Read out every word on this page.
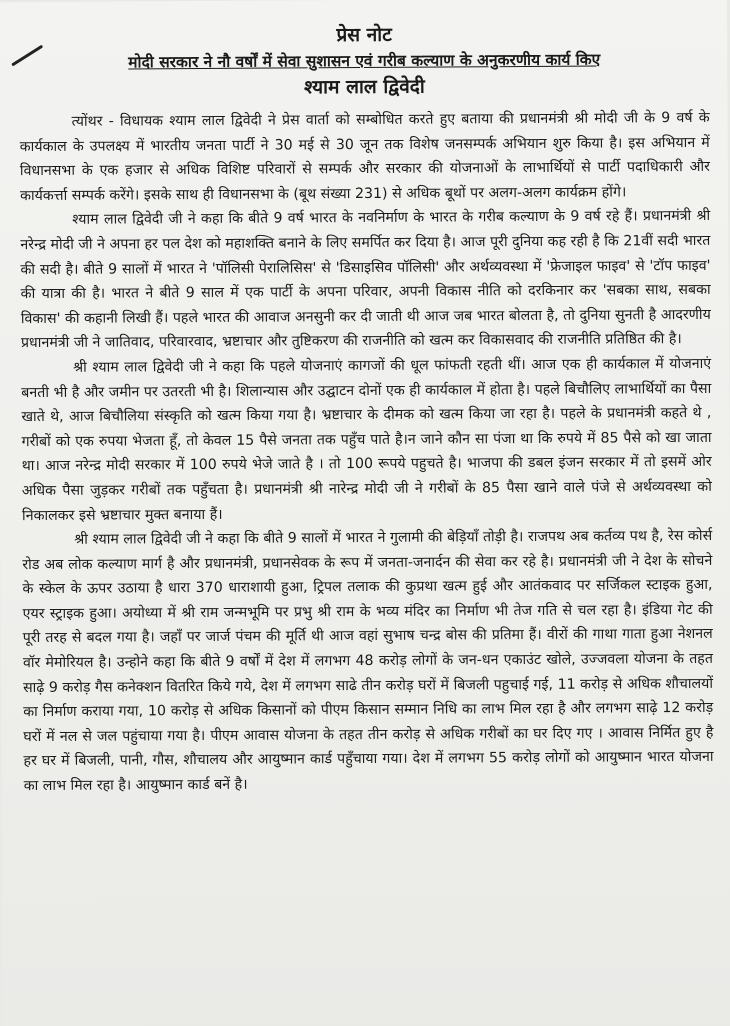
प्रेस नोट
मोदी सरकार ने नौ वर्षों में सेवा सुशासन एवं गरीब कल्याण के अनुकरणीय कार्य किए
श्याम लाल द्विवेदी

त्योंथर - विधायक श्याम लाल द्विवेदी ने प्रेस वार्ता को सम्बोधित करते हुए बताया की प्रधानमंत्री श्री मोदी जी के 9 वर्ष के कार्यकाल के उपलक्ष्य में भारतीय जनता पार्टी ने 30 मई से 30 जून तक विशेष जनसम्पर्क अभियान शुरु किया है। इस अभियान में विधानसभा के एक हजार से अधिक विशिष्ट परिवारों से सम्पर्क और सरकार की योजनाओं के लाभार्थियों से पार्टी पदाधिकारी और कार्यकर्त्ता सम्पर्क करेंगे। इसके साथ ही विधानसभा के (बूथ संख्या 231) से अधिक बूथों पर अलग-अलग कार्यक्रम होंगे।

श्याम लाल द्विवेदी जी ने कहा कि बीते 9 वर्ष भारत के नवनिर्माण के भारत के गरीब कल्याण के 9 वर्ष रहे हैं। प्रधानमंत्री श्री नरेन्द्र मोदी जी ने अपना हर पल देश को महाशक्ति बनाने के लिए समर्पित कर दिया है। आज पूरी दुनिया कह रही है कि 21वीं सदी भारत की सदी है। बीते 9 सालों में भारत ने 'पॉलिसी पेरालिसिस' से 'डिसाइसिव पॉलिसी' और अर्थव्यवस्था में 'फ्रेजाइल फाइव' से 'टॉप फाइव' की यात्रा की है। भारत ने बीते 9 साल में एक पार्टी के अपना परिवार, अपनी विकास नीति को दरकिनार कर 'सबका साथ, सबका विकास' की कहानी लिखी हैं। पहले भारत की आवाज अनसुनी कर दी जाती थी आज जब भारत बोलता है, तो दुनिया सुनती है आदरणीय प्रधानमंत्री जी ने जातिवाद, परिवारवाद, भ्रष्टाचार और तुष्टिकरण की राजनीति को खत्म कर विकासवाद की राजनीति प्रतिष्ठित की है।

श्री श्याम लाल द्विवेदी जी ने कहा कि पहले योजनाएं कागजों की धूल फांफती रहती थीं। आज एक ही कार्यकाल में योजनाएं बनती भी है और जमीन पर उतरती भी है। शिलान्यास और उद्घाटन दोनों एक ही कार्यकाल में होता है। पहले बिचौलिए लाभार्थियों का पैसा खाते थे, आज बिचौलिया संस्कृति को खत्म किया गया है। भ्रष्टाचार के दीमक को खत्म किया जा रहा है। पहले के प्रधानमंत्री कहते थे , गरीबों को एक रुपया भेजता हूँ, तो केवल 15 पैसे जनता तक पहुँच पाते है।न जाने कौन सा पंजा था कि रुपये में 85 पैसे को खा जाता था। आज नरेन्द्र मोदी सरकार में 100 रुपये भेजे जाते है । तो 100 रूपये पहुचते है। भाजपा की डबल इंजन सरकार में तो इसमें ओर अधिक पैसा जुड़कर गरीबों तक पहुँचता है। प्रधानमंत्री श्री नारेन्द्र मोदी जी ने गरीबों के 85 पैसा खाने वाले पंजे से अर्थव्यवस्था को निकालकर इसे भ्रष्टाचार मुक्त बनाया हैं।

श्री श्याम लाल द्विवेदी जी ने कहा कि बीते 9 सालों में भारत ने गुलामी की बेड़ियाँ तोड़ी है। राजपथ अब कर्तव्य पथ है, रेस कोर्स रोड अब लोक कल्याण मार्ग है और प्रधानमंत्री, प्रधानसेवक के रूप में जनता-जनार्दन की सेवा कर रहे है। प्रधानमंत्री जी ने देश के सोचने के स्केल के ऊपर उठाया है धारा 370 धाराशायी हुआ, ट्रिपल तलाक की कुप्रथा खत्म हुई और आतंकवाद पर सर्जिकल स्टाइक हुआ, एयर स्ट्राइक हुआ। अयोध्या में श्री राम जन्मभूमि पर प्रभु श्री राम के भव्य मंदिर का निर्माण भी तेज गति से चल रहा है। इंडिया गेट की पूरी तरह से बदल गया है। जहाँ पर जार्ज पंचम की मूर्ति थी आज वहां सुभाष चन्द्र बोस की प्रतिमा हैं। वीरों की गाथा गाता हुआ नेशनल वॉर मेमोरियल है। उन्होने कहा कि बीते 9 वर्षों में देश में लगभग 48 करोड़ लोगों के जन-धन एकाउंट खोले, उज्जवला योजना के तहत साढ़े 9 करोड़ गैस कनेक्शन वितरित किये गये, देश में लगभग साढे तीन करोड़ घरों में बिजली पहुचाई गई, 11 करोड़ से अधिक शौचालयों का निर्माण कराया गया, 10 करोड़ से अधिक किसानों को पीएम किसान सम्मान निधि का लाभ मिल रहा है और लगभग साढ़े 12 करोड़ घरों में नल से जल पहुंचाया गया है। पीएम आवास योजना के तहत तीन करोड़ से अधिक गरीबों का घर दिए गए । आवास निर्मित हुए है हर घर में बिजली, पानी, गौस, शौचालय और आयुष्मान कार्ड पहुँचाया गया। देश में लगभग 55 करोड़ लोगों को आयुष्मान भारत योजना का लाभ मिल रहा है। आयुष्मान कार्ड बनें है।
